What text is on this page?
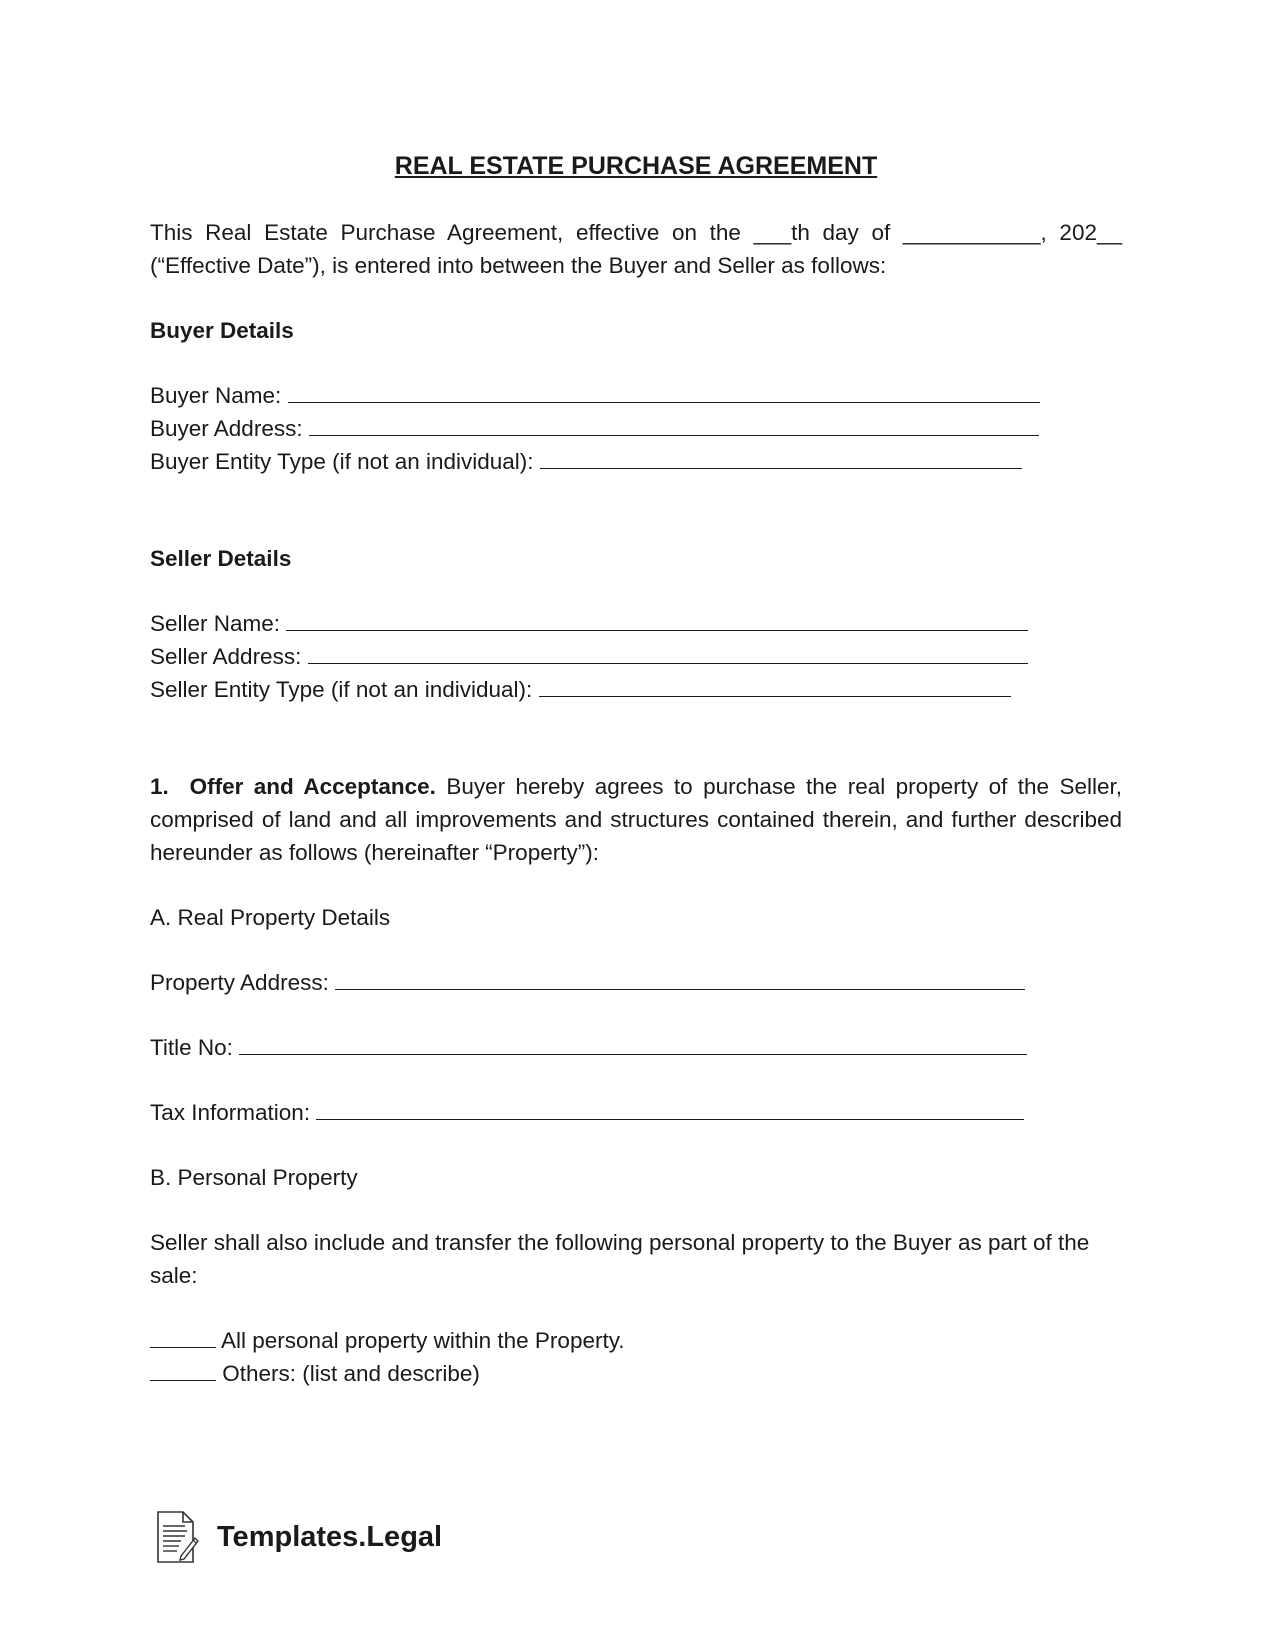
REAL ESTATE PURCHASE AGREEMENT

This Real Estate Purchase Agreement, effective on the ___th day of ___________, 202__

(“Effective Date”), is entered into between the Buyer and Seller as follows:

Buyer Details

Buyer Name:
Buyer Address:
Buyer Entity Type (if not an individual):

Seller Details

Seller Name:
Seller Address:
Seller Entity Type (if not an individual):

1. Offer and Acceptance. Buyer hereby agrees to purchase the real property of the Seller, comprised of land and all improvements and structures contained therein, and further described hereunder as follows (hereinafter “Property”):

A. Real Property Details

Property Address:
Title No:
Tax Information:

B. Personal Property

Seller shall also include and transfer the following personal property to the Buyer as part of the sale:

All personal property within the Property.
Others: (list and describe)
Templates.Legal
